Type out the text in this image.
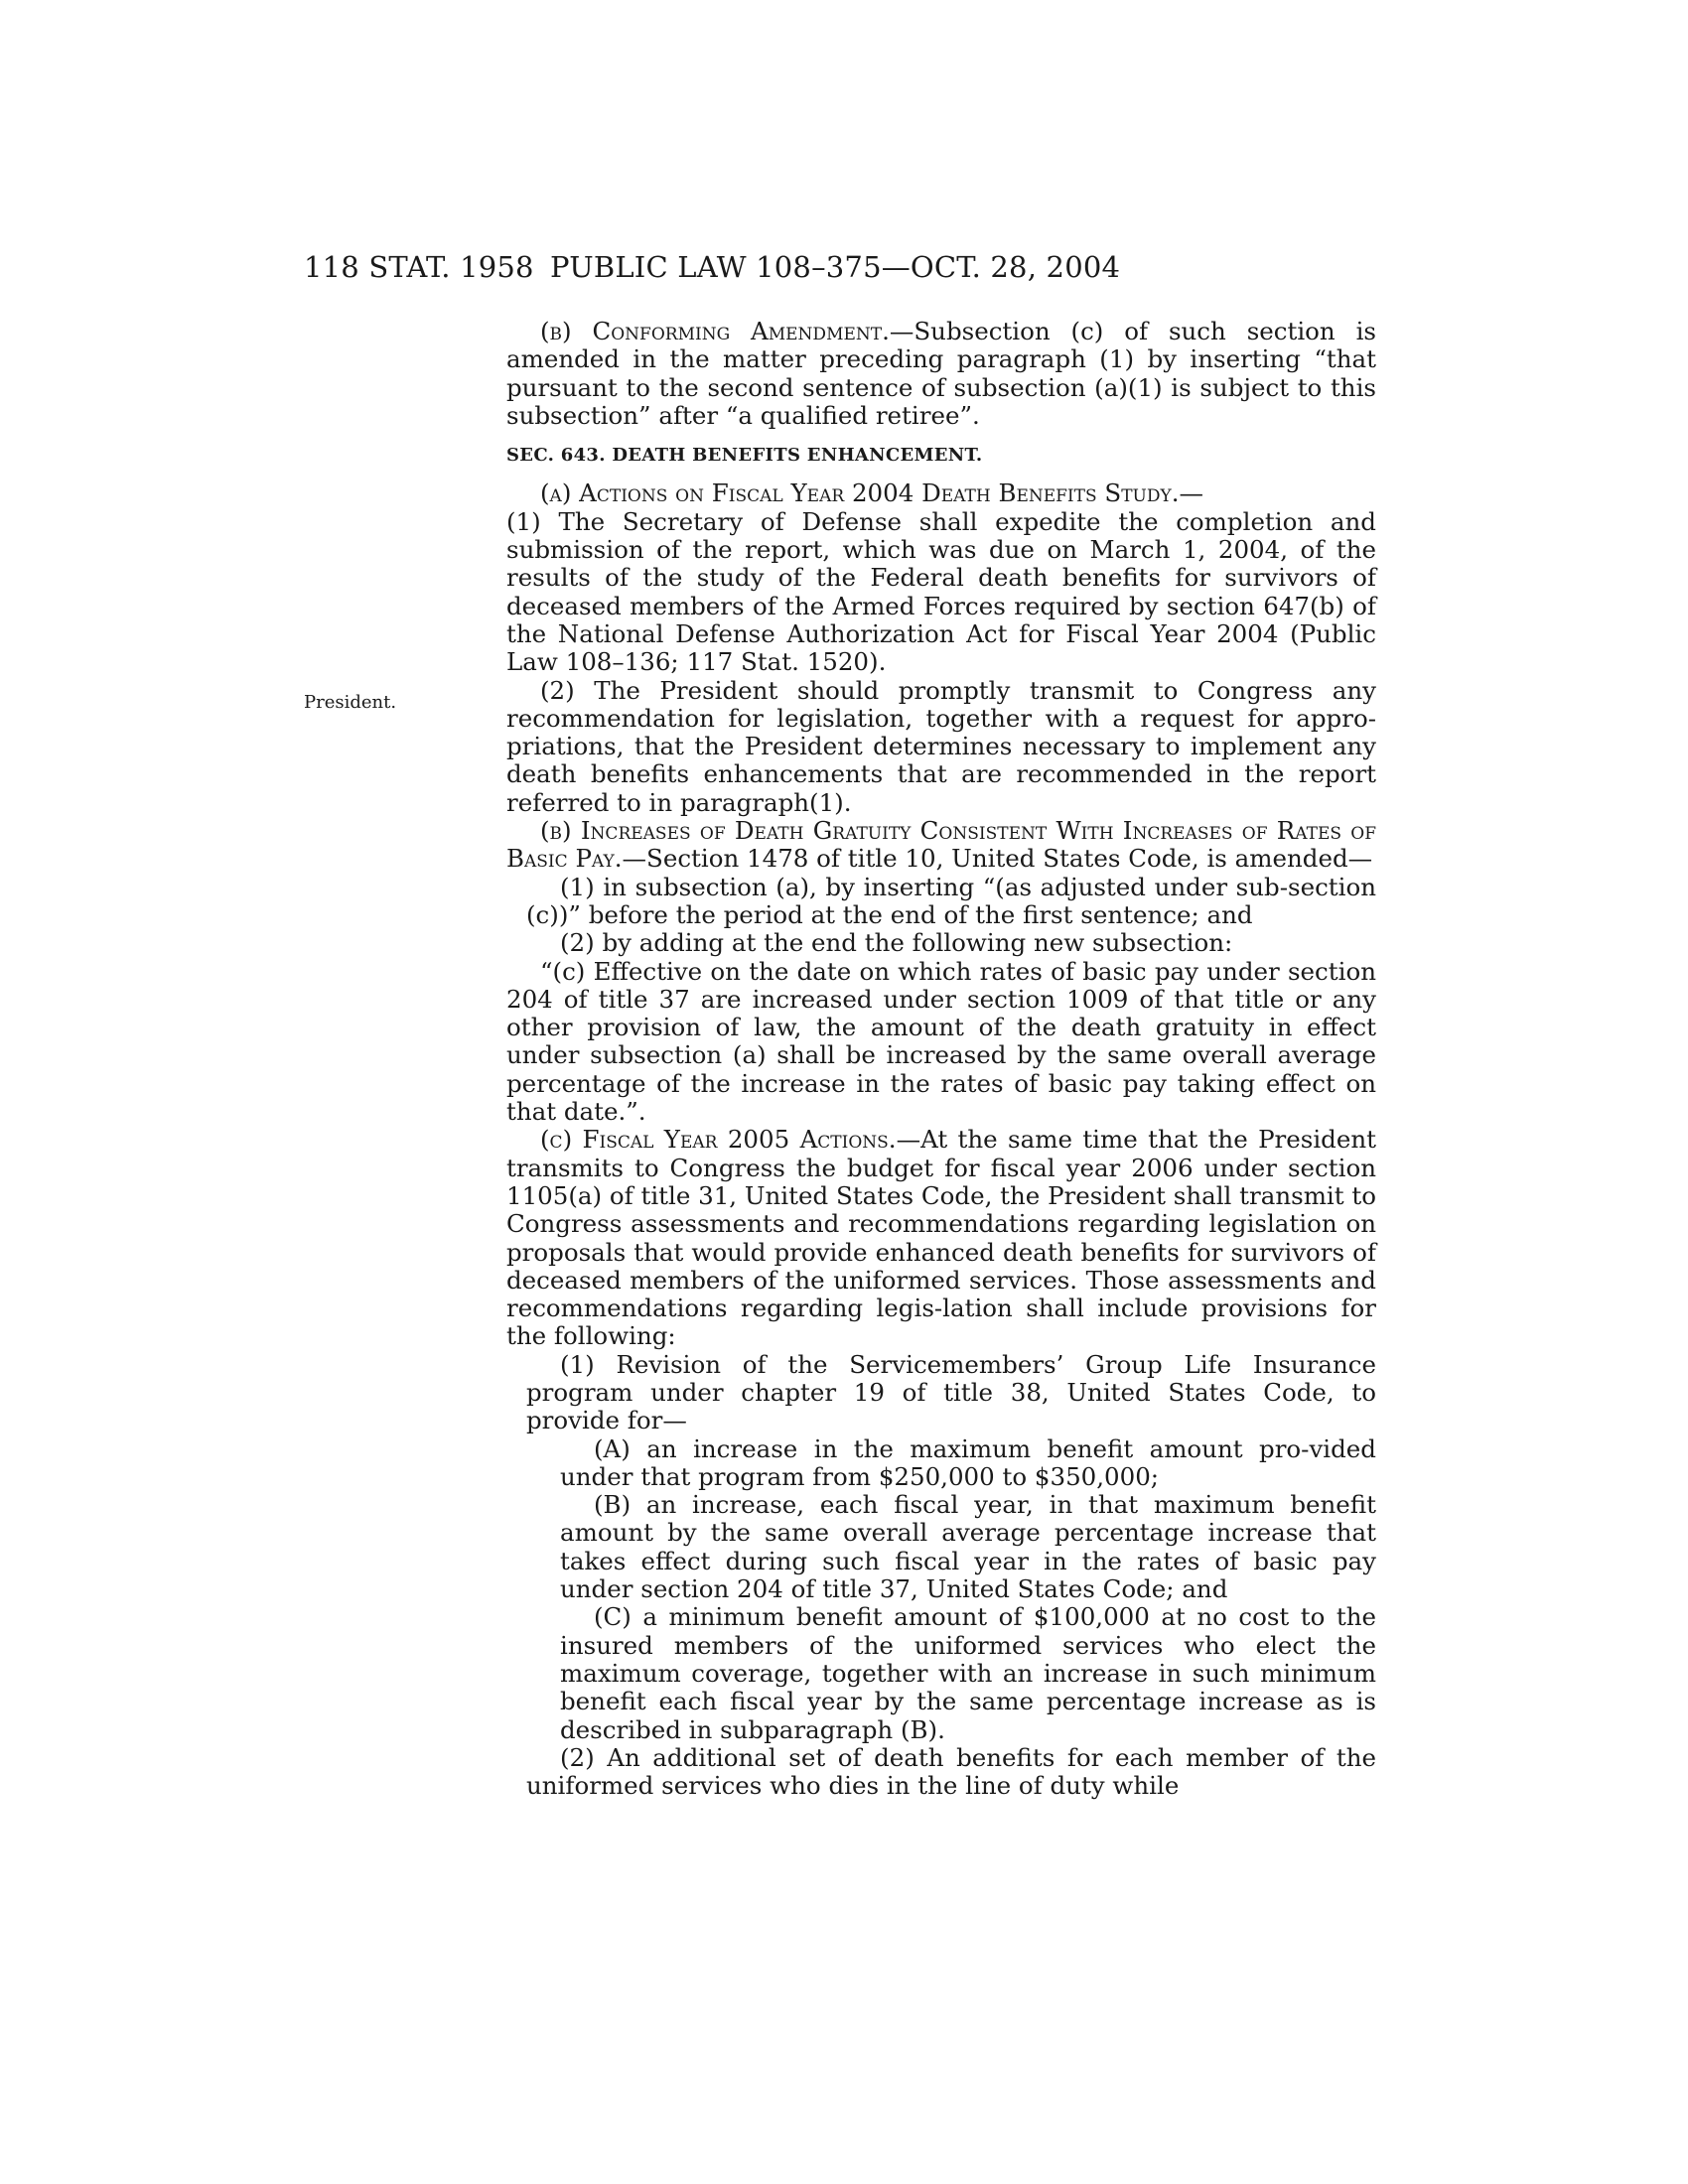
118 STAT. 1958 PUBLIC LAW 108–375—OCT. 28, 2004
President.

(b) Conforming Amendment.—Subsection (c) of such section is amended in the matter preceding paragraph (1) by inserting “that pursuant to the second sentence of subsection (a)(1) is subject to this subsection” after “a qualified retiree”.

SEC. 643. DEATH BENEFITS ENHANCEMENT.

(a) Actions on Fiscal Year 2004 Death Benefits Study.—

(1) The Secretary of Defense shall expedite the completion and submission of the report, which was due on March 1, 2004, of the results of the study of the Federal death benefits for survivors of deceased members of the Armed Forces required by section 647(b) of the National Defense Authorization Act for Fiscal Year 2004 (Public Law 108–136; 117 Stat. 1520).

(2) The President should promptly transmit to Congress any recommendation for legislation, together with a request for appro-priations, that the President determines necessary to implement any death benefits enhancements that are recommended in the report referred to in paragraph(1).

(b) Increases of Death Gratuity Consistent With Increases of Rates of Basic Pay.—Section 1478 of title 10, United States Code, is amended—

(1) in subsection (a), by inserting “(as adjusted under sub-section (c))” before the period at the end of the first sentence; and

(2) by adding at the end the following new subsection:

“(c) Effective on the date on which rates of basic pay under section 204 of title 37 are increased under section 1009 of that title or any other provision of law, the amount of the death gratuity in effect under subsection (a) shall be increased by the same overall average percentage of the increase in the rates of basic pay taking effect on that date.”.

(c) Fiscal Year 2005 Actions.—At the same time that the President transmits to Congress the budget for fiscal year 2006 under section 1105(a) of title 31, United States Code, the President shall transmit to Congress assessments and recommendations regarding legislation on proposals that would provide enhanced death benefits for survivors of deceased members of the uniformed services. Those assessments and recommendations regarding legis-lation shall include provisions for the following:

(1) Revision of the Servicemembers’ Group Life Insurance program under chapter 19 of title 38, United States Code, to provide for—

(A) an increase in the maximum benefit amount pro-vided under that program from $250,000 to $350,000;

(B) an increase, each fiscal year, in that maximum benefit amount by the same overall average percentage increase that takes effect during such fiscal year in the rates of basic pay under section 204 of title 37, United States Code; and

(C) a minimum benefit amount of $100,000 at no cost to the insured members of the uniformed services who elect the maximum coverage, together with an increase in such minimum benefit each fiscal year by the same percentage increase as is described in subparagraph (B).

(2) An additional set of death benefits for each member of the uniformed services who dies in the line of duty while
